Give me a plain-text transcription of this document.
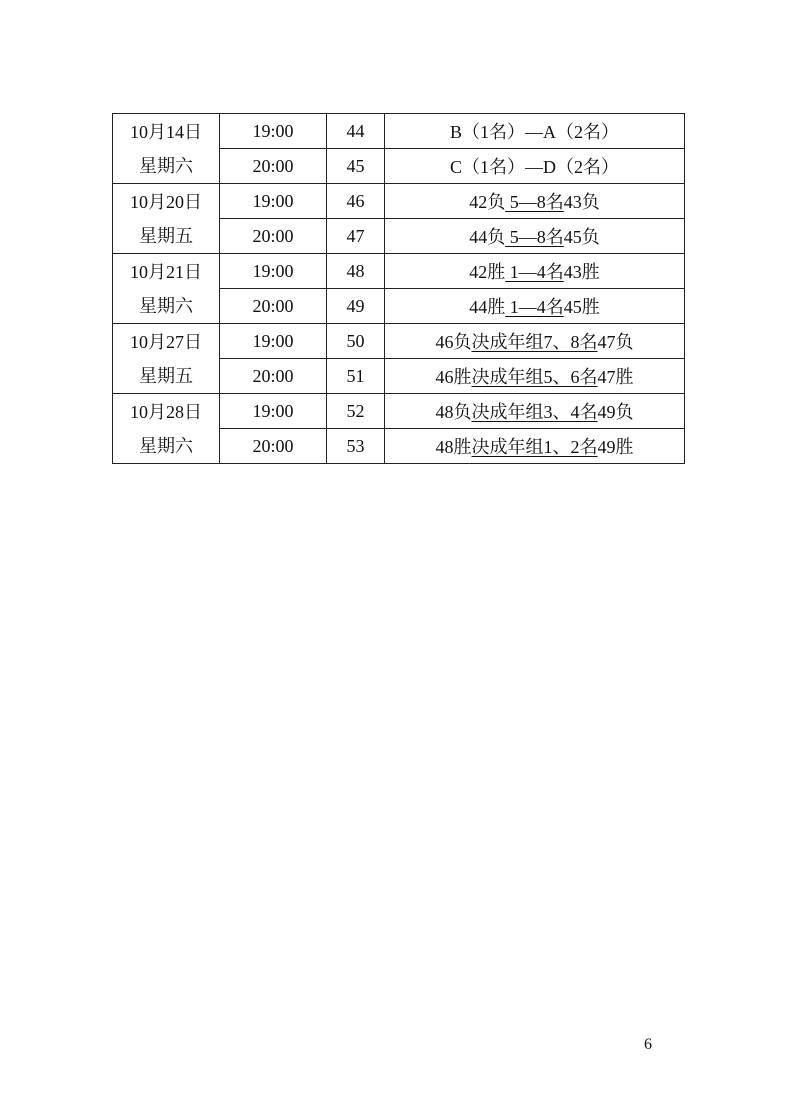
10月14日
星期六	19:00	44	B（1名）—A（2名）
	20:00	45	C（1名）—D（2名）

10月20日
星期五	19:00	46	42负 5—8名43负
	20:00	47	44负 5—8名45负

10月21日
星期六	19:00	48	42胜 1—4名43胜
	20:00	49	44胜 1—4名45胜

10月27日
星期五	19:00	50	46负决成年组7、8名47负
	20:00	51	46胜决成年组5、6名47胜

10月28日
星期六	19:00	52	48负决成年组3、4名49负
	20:00	53	48胜决成年组1、2名49胜
6
